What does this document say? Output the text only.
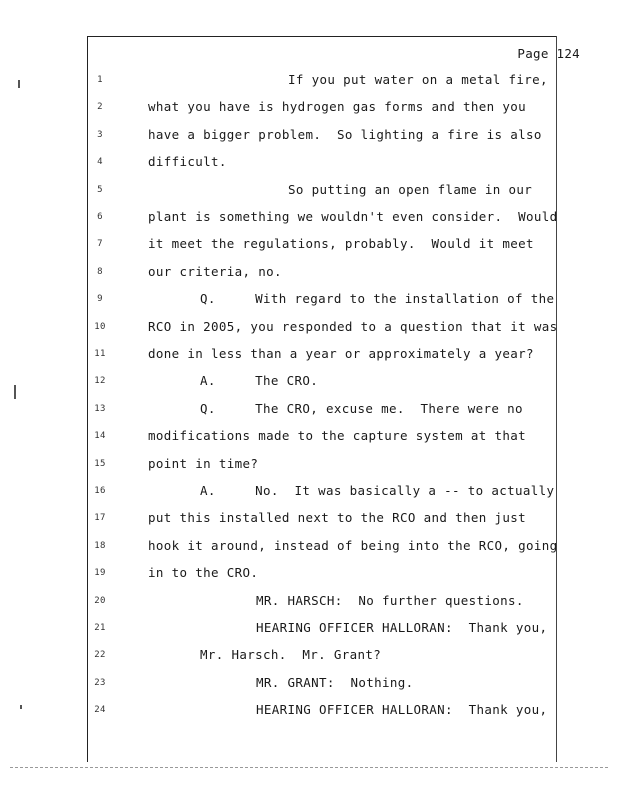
Page 124
1	If you put water on a metal fire,
2	what you have is hydrogen gas forms and then you
3	have a bigger problem.  So lighting a fire is also
4	difficult.
5	So putting an open flame in our
6	plant is something we wouldn't even consider.  Would
7	it meet the regulations, probably.  Would it meet
8	our criteria, no.
9	Q.     With regard to the installation of the
10	RCO in 2005, you responded to a question that it was
11	done in less than a year or approximately a year?
12	A.     The CRO.
13	Q.     The CRO, excuse me.  There were no
14	modifications made to the capture system at that
15	point in time?
16	A.     No.  It was basically a -- to actually
17	put this installed next to the RCO and then just
18	hook it around, instead of being into the RCO, going
19	in to the CRO.
20	MR. HARSCH:  No further questions.
21	HEARING OFFICER HALLORAN:  Thank you,
22	Mr. Harsch.  Mr. Grant?
23	MR. GRANT:  Nothing.
24	HEARING OFFICER HALLORAN:  Thank you,
